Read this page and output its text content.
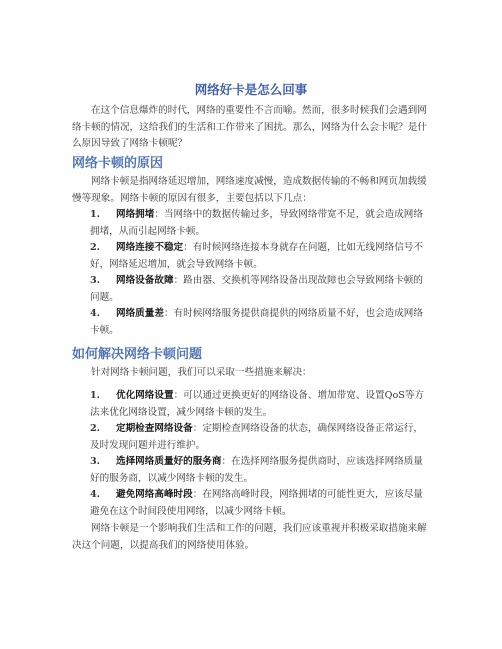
网络好卡是怎么回事

在这个信息爆炸的时代，网络的重要性不言而喻。然而，很多时候我们会遇到网络卡顿的情况，这给我们的生活和工作带来了困扰。那么，网络为什么会卡呢？是什么原因导致了网络卡顿呢？

网络卡顿的原因

网络卡顿是指网络延迟增加，网络速度减慢，造成数据传输的不畅和网页加载缓慢等现象。网络卡顿的原因有很多，主要包括以下几点：

1. 网络拥堵：当网络中的数据传输过多，导致网络带宽不足，就会造成网络拥堵，从而引起网络卡顿。

2. 网络连接不稳定：有时候网络连接本身就存在问题，比如无线网络信号不好，网络延迟增加，就会导致网络卡顿。

3. 网络设备故障：路由器、交换机等网络设备出现故障也会导致网络卡顿的问题。

4. 网络质量差：有时候网络服务提供商提供的网络质量不好，也会造成网络卡顿。

如何解决网络卡顿问题

针对网络卡顿问题，我们可以采取一些措施来解决：

1. 优化网络设置：可以通过更换更好的网络设备、增加带宽、设置QoS等方法来优化网络设置，减少网络卡顿的发生。

2. 定期检查网络设备：定期检查网络设备的状态，确保网络设备正常运行，及时发现问题并进行维护。

3. 选择网络质量好的服务商：在选择网络服务提供商时，应该选择网络质量好的服务商，以减少网络卡顿的发生。

4. 避免网络高峰时段：在网络高峰时段，网络拥堵的可能性更大，应该尽量避免在这个时间段使用网络，以减少网络卡顿。

网络卡顿是一个影响我们生活和工作的问题，我们应该重视并积极采取措施来解决这个问题，以提高我们的网络使用体验。
